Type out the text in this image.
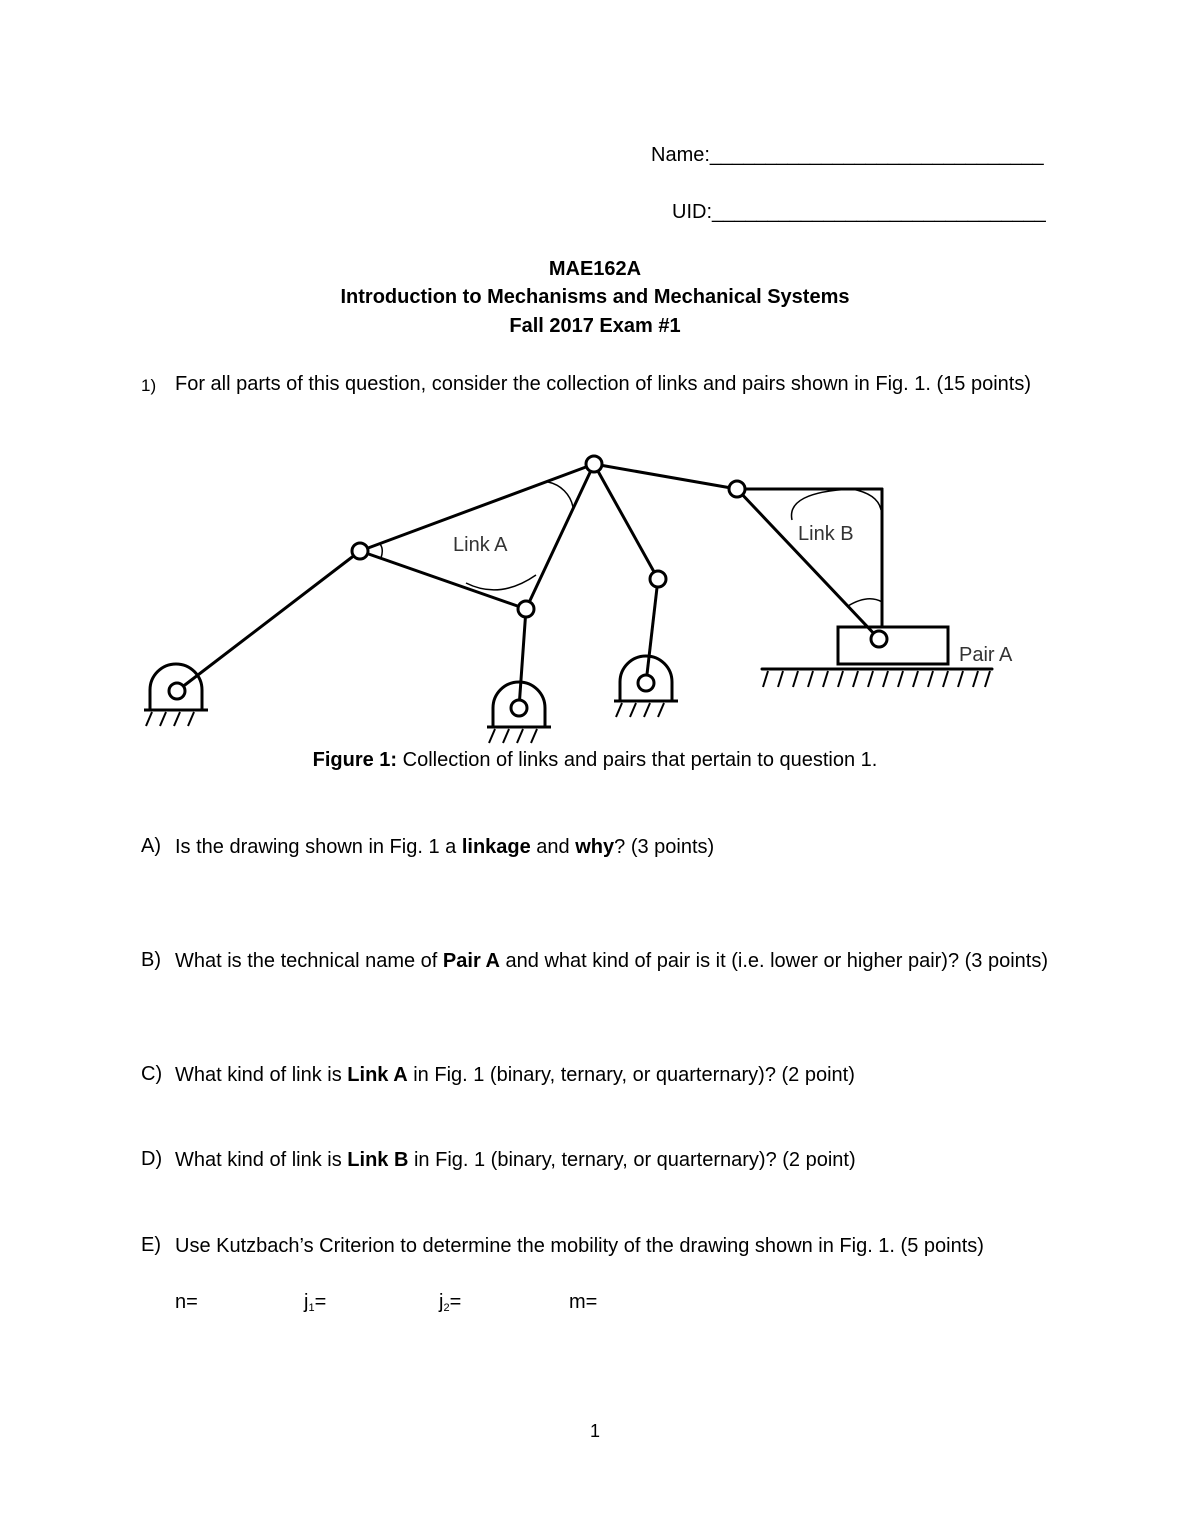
Name:______________________________
UID:______________________________
MAE162A
Introduction to Mechanisms and Mechanical Systems
Fall 2017 Exam #1
1) For all parts of this question, consider the collection of links and pairs shown in Fig. 1. (15 points)
Link A	Link B
Pair A
Figure 1: Collection of links and pairs that pertain to question 1.
A) Is the drawing shown in Fig. 1 a linkage and why? (3 points)
B) What is the technical name of Pair A and what kind of pair is it (i.e. lower or higher pair)? (3 points)
C) What kind of link is Link A in Fig. 1 (binary, ternary, or quarternary)? (2 point)
D) What kind of link is Link B in Fig. 1 (binary, ternary, or quarternary)? (2 point)
E) Use Kutzbach’s Criterion to determine the mobility of the drawing shown in Fig. 1. (5 points)
n=	$j_1=$	$j_2=$	m=
1
